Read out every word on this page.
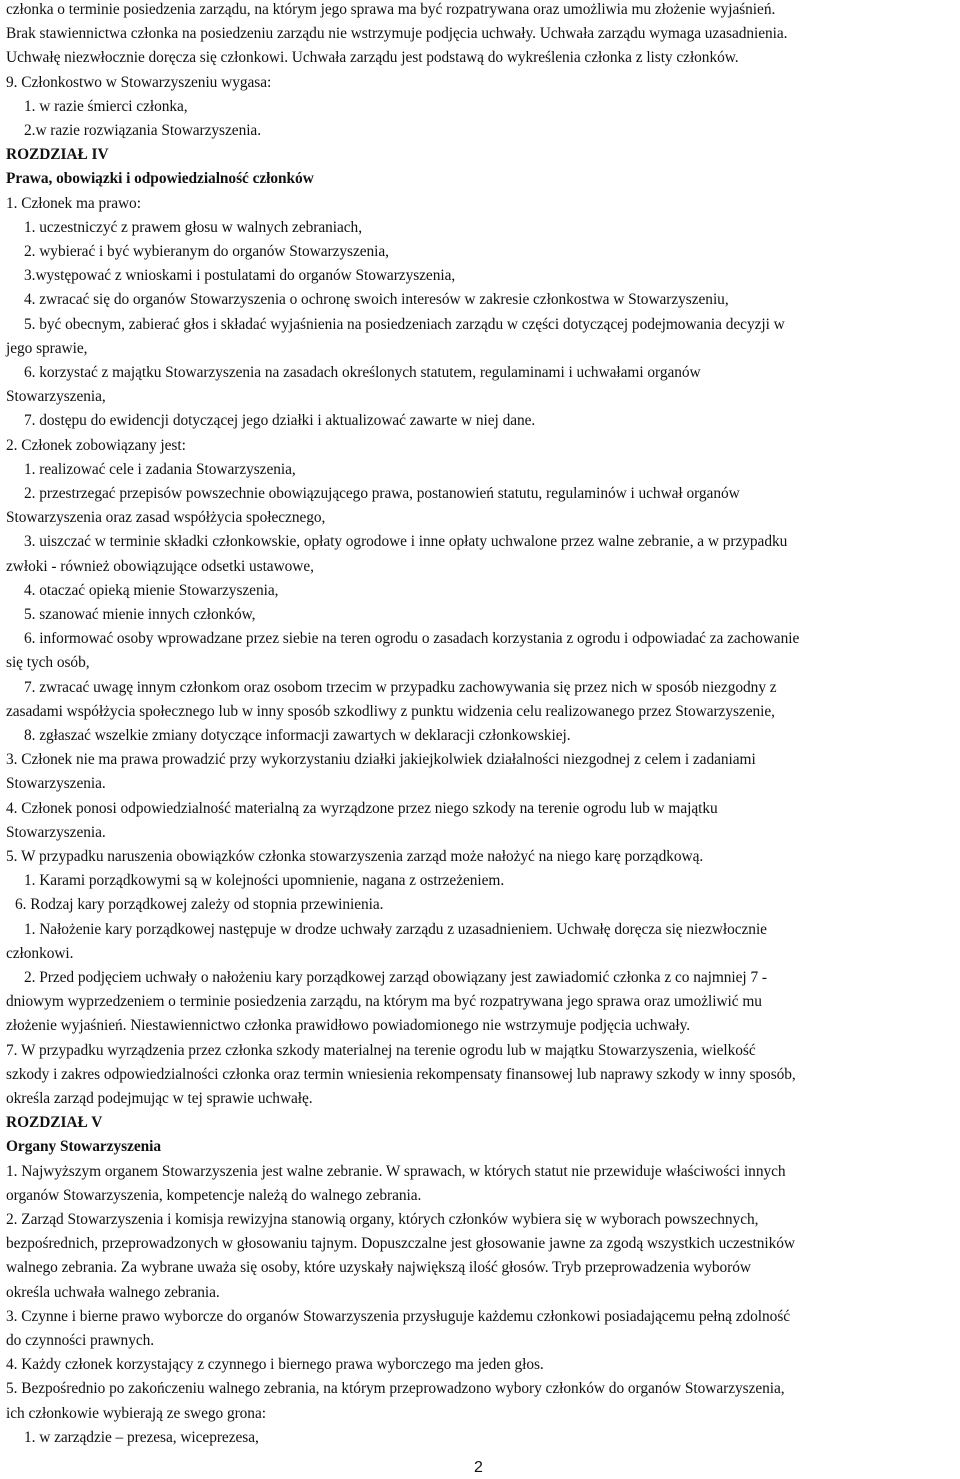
członka o terminie posiedzenia zarządu, na którym jego sprawa ma być rozpatrywana oraz umożliwia mu złożenie wyjaśnień.
Brak stawiennictwa członka na posiedzeniu zarządu nie wstrzymuje podjęcia uchwały. Uchwała zarządu wymaga uzasadnienia.
Uchwałę niezwłocznie doręcza się członkowi. Uchwała zarządu jest podstawą do wykreślenia członka z listy członków.
9. Członkostwo w Stowarzyszeniu wygasa:
1. w razie śmierci członka,
2.w razie rozwiązania Stowarzyszenia.
ROZDZIAŁ IV
Prawa, obowiązki i odpowiedzialność członków
1. Członek ma prawo:
1. uczestniczyć z prawem głosu w walnych zebraniach,
2. wybierać i być wybieranym do organów Stowarzyszenia,
3.występować z wnioskami i postulatami do organów Stowarzyszenia,
4. zwracać się do organów Stowarzyszenia o ochronę swoich interesów w zakresie członkostwa w Stowarzyszeniu,
5. być obecnym, zabierać głos i składać wyjaśnienia na posiedzeniach zarządu w części dotyczącej podejmowania decyzji w
jego sprawie,
6. korzystać z majątku Stowarzyszenia na zasadach określonych statutem, regulaminami i uchwałami organów
Stowarzyszenia,
7. dostępu do ewidencji dotyczącej jego działki i aktualizować zawarte w niej dane.
2. Członek zobowiązany jest:
1. realizować cele i zadania Stowarzyszenia,
2. przestrzegać przepisów powszechnie obowiązującego prawa, postanowień statutu, regulaminów i uchwał organów
Stowarzyszenia oraz zasad współżycia społecznego,
3. uiszczać w terminie składki członkowskie, opłaty ogrodowe i inne opłaty uchwalone przez walne zebranie, a w przypadku
zwłoki - również obowiązujące odsetki ustawowe,
4. otaczać opieką mienie Stowarzyszenia,
5. szanować mienie innych członków,
6. informować osoby wprowadzane przez siebie na teren ogrodu o zasadach korzystania z ogrodu i odpowiadać za zachowanie
się tych osób,
7. zwracać uwagę innym członkom oraz osobom trzecim w przypadku zachowywania się przez nich w sposób niezgodny z
zasadami współżycia społecznego lub w inny sposób szkodliwy z punktu widzenia celu realizowanego przez Stowarzyszenie,
8. zgłaszać wszelkie zmiany dotyczące informacji zawartych w deklaracji członkowskiej.
3. Członek nie ma prawa prowadzić przy wykorzystaniu działki jakiejkolwiek działalności niezgodnej z celem i zadaniami
Stowarzyszenia.
4. Członek ponosi odpowiedzialność materialną za wyrządzone przez niego szkody na terenie ogrodu lub w majątku
Stowarzyszenia.
5. W przypadku naruszenia obowiązków członka stowarzyszenia zarząd może nałożyć na niego karę porządkową.
1. Karami porządkowymi są w kolejności upomnienie, nagana z ostrzeżeniem.
6. Rodzaj kary porządkowej zależy od stopnia przewinienia.
1. Nałożenie kary porządkowej następuje w drodze uchwały zarządu z uzasadnieniem. Uchwałę doręcza się niezwłocznie
członkowi.
2. Przed podjęciem uchwały o nałożeniu kary porządkowej zarząd obowiązany jest zawiadomić członka z co najmniej 7 -
dniowym wyprzedzeniem o terminie posiedzenia zarządu, na którym ma być rozpatrywana jego sprawa oraz umożliwić mu
złożenie wyjaśnień. Niestawiennictwo członka prawidłowo powiadomionego nie wstrzymuje podjęcia uchwały.
7. W przypadku wyrządzenia przez członka szkody materialnej na terenie ogrodu lub w majątku Stowarzyszenia, wielkość
szkody i zakres odpowiedzialności członka oraz termin wniesienia rekompensaty finansowej lub naprawy szkody w inny sposób,
określa zarząd podejmując w tej sprawie uchwałę.
ROZDZIAŁ V
Organy Stowarzyszenia
1. Najwyższym organem Stowarzyszenia jest walne zebranie. W sprawach, w których statut nie przewiduje właściwości innych
organów Stowarzyszenia, kompetencje należą do walnego zebrania.
2. Zarząd Stowarzyszenia i komisja rewizyjna stanowią organy, których członków wybiera się w wyborach powszechnych,
bezpośrednich, przeprowadzonych w głosowaniu tajnym. Dopuszczalne jest głosowanie jawne za zgodą wszystkich uczestników
walnego zebrania. Za wybrane uważa się osoby, które uzyskały największą ilość głosów. Tryb przeprowadzenia wyborów
określa uchwała walnego zebrania.
3. Czynne i bierne prawo wyborcze do organów Stowarzyszenia przysługuje każdemu członkowi posiadającemu pełną zdolność
do czynności prawnych.
4. Każdy członek korzystający z czynnego i biernego prawa wyborczego ma jeden głos.
5. Bezpośrednio po zakończeniu walnego zebrania, na którym przeprowadzono wybory członków do organów Stowarzyszenia,
ich członkowie wybierają ze swego grona:
1. w zarządzie – prezesa, wiceprezesa,
2
